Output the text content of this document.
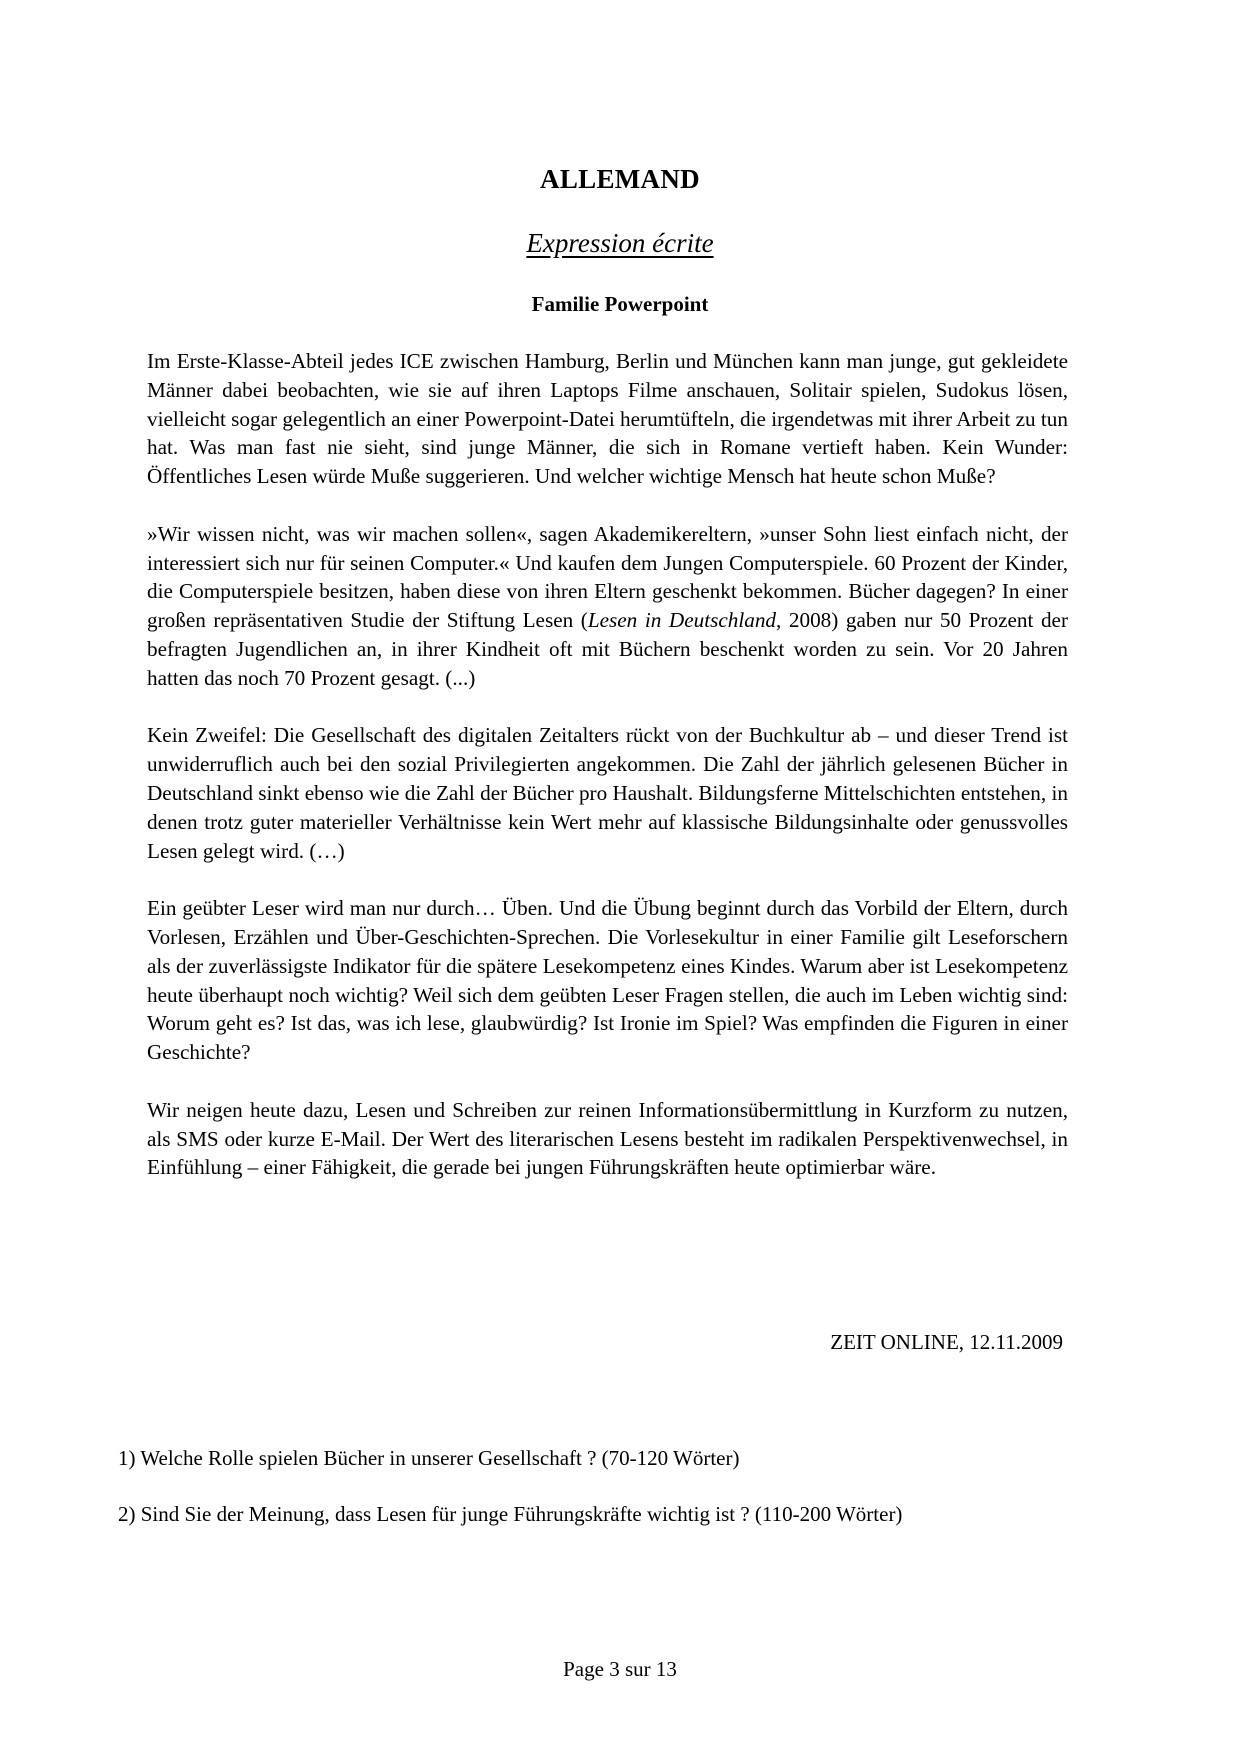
ALLEMAND
Expression écrite
Familie Powerpoint

Im Erste-Klasse-Abteil jedes ICE zwischen Hamburg, Berlin und München kann man junge, gut gekleidete Männer dabei beobachten, wie sie auf ihren Laptops Filme anschauen, Solitair spielen, Sudokus lösen, vielleicht sogar gelegentlich an einer Powerpoint-Datei herumtüfteln, die irgendetwas mit ihrer Arbeit zu tun hat. Was man fast nie sieht, sind junge Männer, die sich in Romane vertieft haben. Kein Wunder: Öffentliches Lesen würde Muße suggerieren. Und welcher wichtige Mensch hat heute schon Muße?

»Wir wissen nicht, was wir machen sollen«, sagen Akademikereltern, »unser Sohn liest einfach nicht, der interessiert sich nur für seinen Computer.« Und kaufen dem Jungen Computerspiele. 60 Prozent der Kinder, die Computerspiele besitzen, haben diese von ihren Eltern geschenkt bekommen. Bücher dagegen? In einer großen repräsentativen Studie der Stiftung Lesen (Lesen in Deutschland, 2008) gaben nur 50 Prozent der befragten Jugendlichen an, in ihrer Kindheit oft mit Büchern beschenkt worden zu sein. Vor 20 Jahren hatten das noch 70 Prozent gesagt. (...)

Kein Zweifel: Die Gesellschaft des digitalen Zeitalters rückt von der Buchkultur ab – und dieser Trend ist unwiderruflich auch bei den sozial Privilegierten angekommen. Die Zahl der jährlich gelesenen Bücher in Deutschland sinkt ebenso wie die Zahl der Bücher pro Haushalt. Bildungsferne Mittelschichten entstehen, in denen trotz guter materieller Verhältnisse kein Wert mehr auf klassische Bildungsinhalte oder genussvolles Lesen gelegt wird. (…)

Ein geübter Leser wird man nur durch… Üben. Und die Übung beginnt durch das Vorbild der Eltern, durch Vorlesen, Erzählen und Über-Geschichten-Sprechen. Die Vorlesekultur in einer Familie gilt Leseforschern als der zuverlässigste Indikator für die spätere Lesekompetenz eines Kindes. Warum aber ist Lesekompetenz heute überhaupt noch wichtig? Weil sich dem geübten Leser Fragen stellen, die auch im Leben wichtig sind: Worum geht es? Ist das, was ich lese, glaubwürdig? Ist Ironie im Spiel? Was empfinden die Figuren in einer Geschichte?

Wir neigen heute dazu, Lesen und Schreiben zur reinen Informationsübermittlung in Kurzform zu nutzen, als SMS oder kurze E-Mail. Der Wert des literarischen Lesens besteht im radikalen Perspektivenwechsel, in Einfühlung – einer Fähigkeit, die gerade bei jungen Führungskräften heute optimierbar wäre.

ZEIT ONLINE, 12.11.2009
1) Welche Rolle spielen Bücher in unserer Gesellschaft ? (70-120 Wörter)
2) Sind Sie der Meinung, dass Lesen für junge Führungskräfte wichtig ist ? (110-200 Wörter)
Page 3 sur 13
